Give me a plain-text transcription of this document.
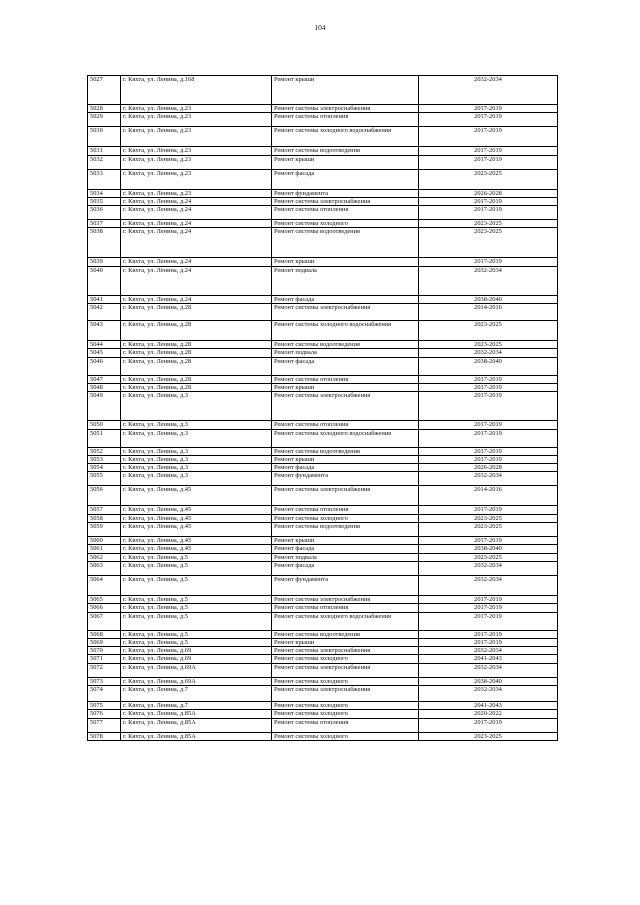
104
5027	г. Кяхта, ул. Ленина, д.168	Ремонт крыши	2032-2034
5028	г. Кяхта, ул. Ленина, д.23	Ремонт системы электроснабжения	2017-2019
5029	г. Кяхта, ул. Ленина, д.23	Ремонт системы отопления	2017-2019
5030	г. Кяхта, ул. Ленина, д.23	Ремонт системы холодного водоснабжения	2017-2019
5031	г. Кяхта, ул. Ленина, д.23	Ремонт системы водоотведения	2017-2019
5032	г. Кяхта, ул. Ленина, д.23	Ремонт крыши	2017-2019
5033	г. Кяхта, ул. Ленина, д.23	Ремонт фасада	2023-2025
5034	г. Кяхта, ул. Ленина, д.23	Ремонт фундамента	2026-2028
5035	г. Кяхта, ул. Ленина, д.24	Ремонт системы электроснабжения	2017-2019
5036	г. Кяхта, ул. Ленина, д.24	Ремонт системы отопления	2017-2019
5037	г. Кяхта, ул. Ленина, д.24	Ремонт системы холодного	2023-2025
5038	г. Кяхта, ул. Ленина, д.24	Ремонт системы водоотведения	2023-2025
5039	г. Кяхта, ул. Ленина, д.24	Ремонт крыши	2017-2019
5040	г. Кяхта, ул. Ленина, д.24	Ремонт подвала	2032-2034
5041	г. Кяхта, ул. Ленина, д.24	Ремонт фасада	2038-2040
5042	г. Кяхта, ул. Ленина, д.28	Ремонт системы электроснабжения	2014-2016
5043	г. Кяхта, ул. Ленина, д.28	Ремонт системы холодного водоснабжения	2023-2025
5044	г. Кяхта, ул. Ленина, д.28	Ремонт системы водоотведения	2023-2025
5045	г. Кяхта, ул. Ленина, д.28	Ремонт подвала	2032-2034
5046	г. Кяхта, ул. Ленина, д.28	Ремонт фасада	2038-2040
5047	г. Кяхта, ул. Ленина, д.28	Ремонт системы отопления	2017-2019
5048	г. Кяхта, ул. Ленина, д.28	Ремонт крыши	2017-2019
5049	г. Кяхта, ул. Ленина, д.3	Ремонт системы электроснабжения	2017-2019
5050	г. Кяхта, ул. Ленина, д.3	Ремонт системы отопления	2017-2019
5051	г. Кяхта, ул. Ленина, д.3	Ремонт системы холодного водоснабжения	2017-2019
5052	г. Кяхта, ул. Ленина, д.3	Ремонт системы водоотведения	2017-2019
5053	г. Кяхта, ул. Ленина, д.3	Ремонт крыши	2017-2019
5054	г. Кяхта, ул. Ленина, д.3	Ремонт фасада	2026-2028
5055	г. Кяхта, ул. Ленина, д.3	Ремонт фундамента	2032-2034
5056	г. Кяхта, ул. Ленина, д.45	Ремонт системы электроснабжения	2014-2016
5057	г. Кяхта, ул. Ленина, д.45	Ремонт системы отопления	2017-2019
5058	г. Кяхта, ул. Ленина, д.45	Ремонт системы холодного	2023-2025
5059	г. Кяхта, ул. Ленина, д.45	Ремонт системы водоотведения	2023-2025
5060	г. Кяхта, ул. Ленина, д.45	Ремонт крыши	2017-2019
5061	г. Кяхта, ул. Ленина, д.45	Ремонт фасада	2038-2040
5062	г. Кяхта, ул. Ленина, д.5	Ремонт подвала	2023-2025
5063	г. Кяхта, ул. Ленина, д.5	Ремонт фасада	2032-2034
5064	г. Кяхта, ул. Ленина, д.5	Ремонт фундамента	2032-2034
5065	г. Кяхта, ул. Ленина, д.5	Ремонт системы электроснабжения	2017-2019
5066	г. Кяхта, ул. Ленина, д.5	Ремонт системы отопления	2017-2019
5067	г. Кяхта, ул. Ленина, д.5	Ремонт системы холодного водоснабжения	2017-2019
5068	г. Кяхта, ул. Ленина, д.5	Ремонт системы водоотведения	2017-2019
5069	г. Кяхта, ул. Ленина, д.5	Ремонт крыши	2017-2019
5070	г. Кяхта, ул. Ленина, д.69	Ремонт системы электроснабжения	2032-2034
5071	г. Кяхта, ул. Ленина, д.69	Ремонт системы холодного	2041-2043
5072	г. Кяхта, ул. Ленина, д.69А	Ремонт системы электроснабжения	2032-2034
5073	г. Кяхта, ул. Ленина, д.69А	Ремонт системы холодного	2038-2040
5074	г. Кяхта, ул. Ленина, д.7	Ремонт системы электроснабжения	2032-2034
5075	г. Кяхта, ул. Ленина, д.7	Ремонт системы холодного	2041-2043
5076	г. Кяхта, ул. Ленина, д.85А	Ремонт системы холодного	2020-2022
5077	г. Кяхта, ул. Ленина, д.85А	Ремонт системы отопления	2017-2019
5078	г. Кяхта, ул. Ленина, д.85А	Ремонт системы холодного	2023-2025
